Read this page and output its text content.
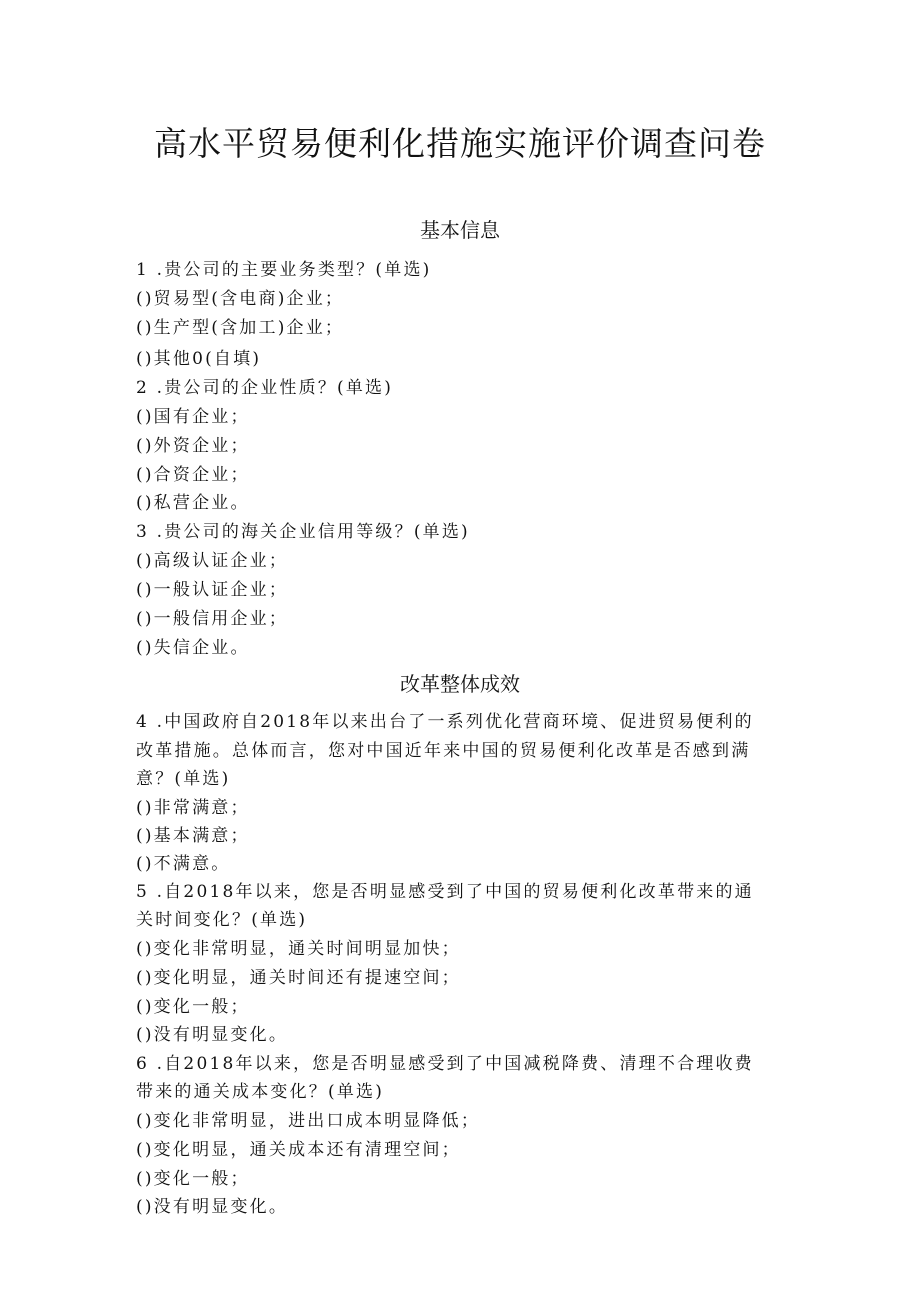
高水平贸易便利化措施实施评价调查问卷
基本信息
1 .贵公司的主要业务类型？(单选)
()贸易型(含电商)企业；
()生产型(含加工)企业；
()其他0(自填)
2 .贵公司的企业性质？(单选)
()国有企业；
()外资企业；
()合资企业；
()私营企业。
3 .贵公司的海关企业信用等级？(单选)
()高级认证企业；
()一般认证企业；
()一般信用企业；
()失信企业。
改革整体成效
4 .中国政府自2018年以来出台了一系列优化营商环境、促进贸易便利的
改革措施。总体而言，您对中国近年来中国的贸易便利化改革是否感到满
意？(单选)
()非常满意；
()基本满意；
()不满意。
5 .自2018年以来，您是否明显感受到了中国的贸易便利化改革带来的通
关时间变化？(单选)
()变化非常明显，通关时间明显加快；
()变化明显，通关时间还有提速空间；
()变化一般；
()没有明显变化。
6 .自2018年以来，您是否明显感受到了中国减税降费、清理不合理收费
带来的通关成本变化？(单选)
()变化非常明显，进出口成本明显降低；
()变化明显，通关成本还有清理空间；
()变化一般；
()没有明显变化。
